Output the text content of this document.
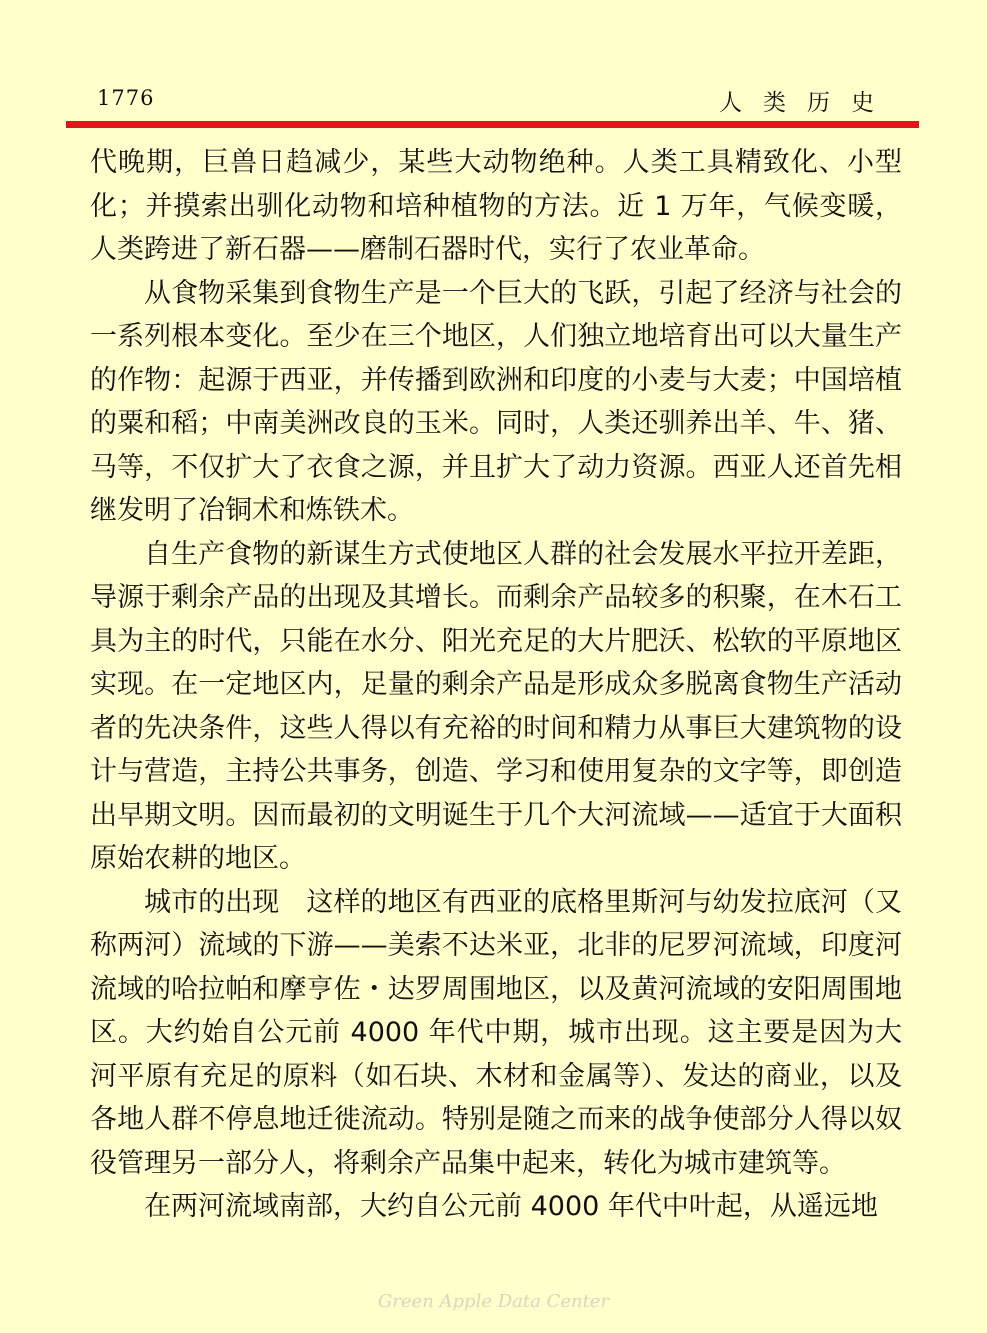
1776	人类历史

代晚期，巨兽日趋减少，某些大动物绝种。人类工具精致化、小型化；并摸索出驯化动物和培种植物的方法。近 1 万年，气候变暖，人类跨进了新石器——磨制石器时代，实行了农业革命。

从食物采集到食物生产是一个巨大的飞跃，引起了经济与社会的一系列根本变化。至少在三个地区，人们独立地培育出可以大量生产的作物：起源于西亚，并传播到欧洲和印度的小麦与大麦；中国培植的粟和稻；中南美洲改良的玉米。同时，人类还驯养出羊、牛、猪、马等，不仅扩大了衣食之源，并且扩大了动力资源。西亚人还首先相继发明了冶铜术和炼铁术。

自生产食物的新谋生方式使地区人群的社会发展水平拉开差距，导源于剩余产品的出现及其增长。而剩余产品较多的积聚，在木石工具为主的时代，只能在水分、阳光充足的大片肥沃、松软的平原地区实现。在一定地区内，足量的剩余产品是形成众多脱离食物生产活动者的先决条件，这些人得以有充裕的时间和精力从事巨大建筑物的设计与营造，主持公共事务，创造、学习和使用复杂的文字等，即创造出早期文明。因而最初的文明诞生于几个大河流域——适宜于大面积原始农耕的地区。

城市的出现 这样的地区有西亚的底格里斯河与幼发拉底河（又称两河）流域的下游——美索不达米亚，北非的尼罗河流域，印度河流域的哈拉帕和摩亨佐・达罗周围地区，以及黄河流域的安阳周围地区。大约始自公元前 4000 年代中期，城市出现。这主要是因为大河平原有充足的原料（如石块、木材和金属等）、发达的商业，以及各地人群不停息地迁徙流动。特别是随之而来的战争使部分人得以奴役管理另一部分人，将剩余产品集中起来，转化为城市建筑等。

在两河流域南部，大约自公元前 4000 年代中叶起，从遥远地

Green Apple Data Center
